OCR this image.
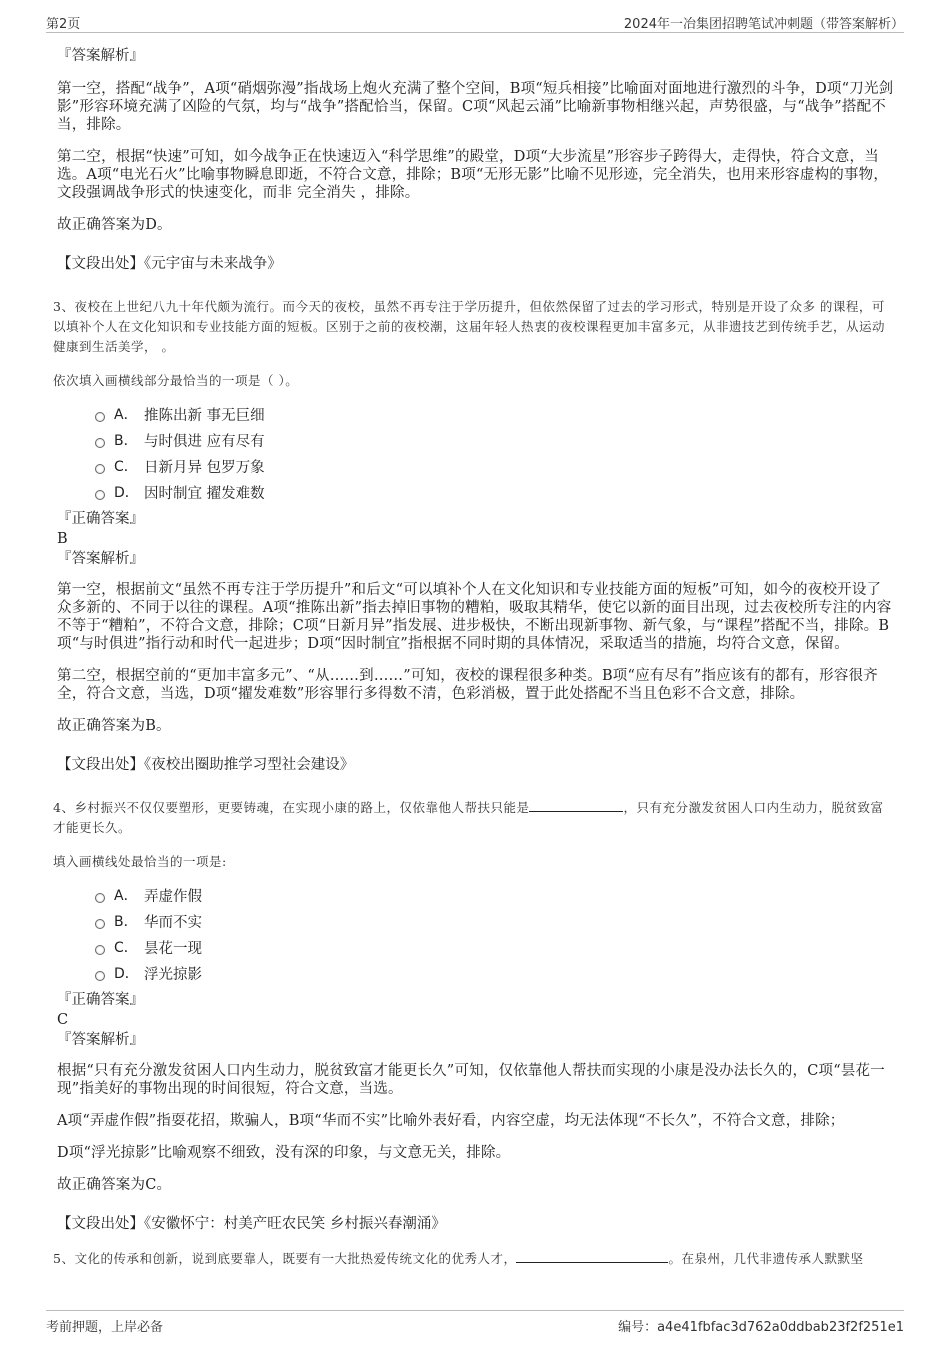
第2页	2024年一冶集团招聘笔试冲刺题（带答案解析）

『答案解析』

第一空，搭配“战争”，A项“硝烟弥漫”指战场上炮火充满了整个空间，B项“短兵相接”比喻面对面地进行激烈的斗争，D项“刀光剑影”形容环境充满了凶险的气氛，均与“战争”搭配恰当，保留。C项“风起云涌”比喻新事物相继兴起，声势很盛，与“战争”搭配不当，排除。

第二空，根据“快速”可知，如今战争正在快速迈入“科学思维”的殿堂，D项“大步流星”形容步子跨得大，走得快，符合文意，当选。A项“电光石火”比喻事物瞬息即逝，不符合文意，排除；B项“无形无影”比喻不见形迹，完全消失，也用来形容虚构的事物，文段强调战争形式的快速变化，而非 完全消失 ，排除。

故正确答案为D。

【文段出处】《元宇宙与未来战争》

3、夜校在上世纪八九十年代颇为流行。而今天的夜校，虽然不再专注于学历提升，但依然保留了过去的学习形式，特别是开设了众多 的课程，可以填补个人在文化知识和专业技能方面的短板。区别于之前的夜校潮，这届年轻人热衷的夜校课程更加丰富多元，从非遗技艺到传统手艺，从运动健康到生活美学， 。

依次填入画横线部分最恰当的一项是（ ）。

A． 推陈出新 事无巨细
B． 与时俱进 应有尽有
C． 日新月异 包罗万象
D． 因时制宜 擢发难数

『正确答案』

B

『答案解析』

第一空，根据前文“虽然不再专注于学历提升”和后文“可以填补个人在文化知识和专业技能方面的短板”可知，如今的夜校开设了众多新的、不同于以往的课程。A项“推陈出新”指去掉旧事物的糟粕，吸取其精华，使它以新的面目出现，过去夜校所专注的内容不等于“糟粕”，不符合文意，排除；C项“日新月异”指发展、进步极快，不断出现新事物、新气象，与“课程”搭配不当，排除。B项“与时俱进”指行动和时代一起进步；D项“因时制宜”指根据不同时期的具体情况，采取适当的措施，均符合文意，保留。

第二空，根据空前的“更加丰富多元”、“从……到……”可知，夜校的课程很多种类。B项“应有尽有”指应该有的都有，形容很齐全，符合文意，当选，D项“擢发难数”形容罪行多得数不清，色彩消极，置于此处搭配不当且色彩不合文意，排除。

故正确答案为B。

【文段出处】《夜校出圈助推学习型社会建设》

4、乡村振兴不仅仅要塑形，更要铸魂，在实现小康的路上，仅依靠他人帮扶只能是	，只有充分激发贫困人口内生动力，脱贫致富才能更长久。

填入画横线处最恰当的一项是:

A． 弄虚作假
B． 华而不实
C． 昙花一现
D． 浮光掠影

『正确答案』

C

『答案解析』

根据“只有充分激发贫困人口内生动力，脱贫致富才能更长久”可知，仅依靠他人帮扶而实现的小康是没办法长久的，C项“昙花一现”指美好的事物出现的时间很短，符合文意，当选。

A项“弄虚作假”指耍花招，欺骗人，B项“华而不实”比喻外表好看，内容空虚，均无法体现“不长久”，不符合文意，排除；

D项“浮光掠影”比喻观察不细致，没有深的印象，与文意无关，排除。

故正确答案为C。

【文段出处】《安徽怀宁：村美产旺农民笑 乡村振兴春潮涌》

5、文化的传承和创新，说到底要靠人，既要有一大批热爱传统文化的优秀人才，	。在泉州，几代非遗传承人默默坚

考前押题，上岸必备	编号：a4e41fbfac3d762a0ddbab23f2f251e1
